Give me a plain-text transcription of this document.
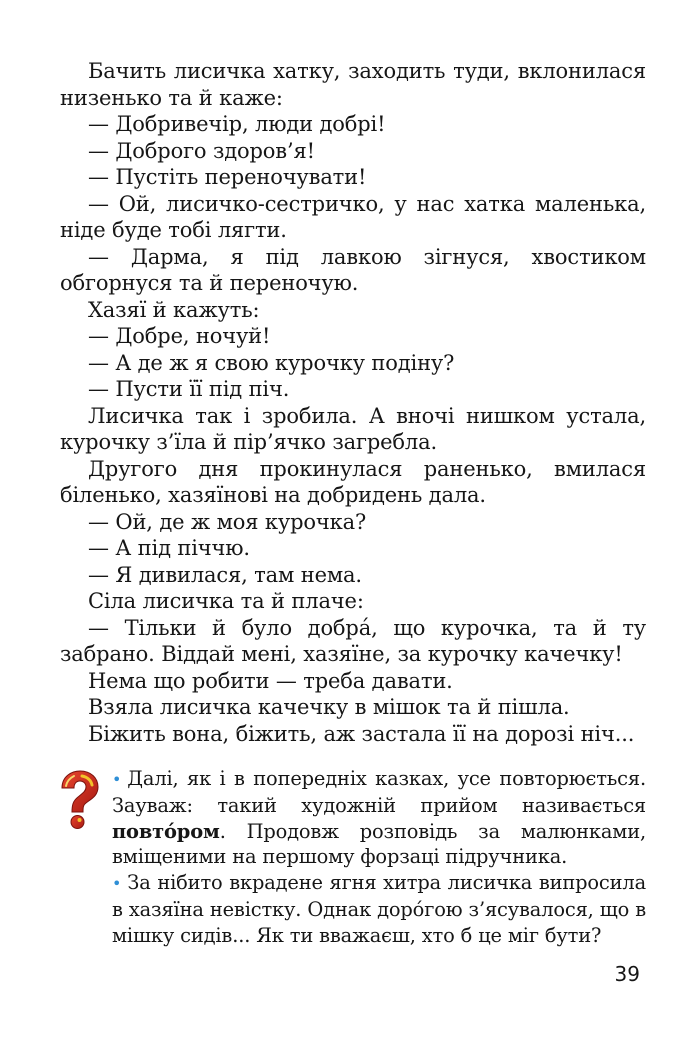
Бачить лисичка хатку, заходить туди, вклонилася низенько та й каже:

— Добривечір, люди добрі!

— Доброго здоров’я!

— Пустіть переночувати!

— Ой, лисичко-сестричко, у нас хатка маленька, ніде буде тобі лягти.

— Дарма, я під лавкою зігнуся, хвостиком обгорнуся та й переночую.

Хазяї й кажуть:

— Добре, ночуй!

— А де ж я свою курочку подіну?

— Пусти її під піч.

Лисичка так і зробила. А вночі нишком устала, курочку з’їла й пір’ячко загребла.

Другого дня прокинулася раненько, вмилася біленько, хазяїнові на добридень дала.

— Ой, де ж моя курочка?

— А під піччю.

— Я дивилася, там нема.

Сіла лисичка та й плаче:

— Тільки й було добра́, що курочка, та й ту забрано. Віддай мені, хазяїне, за курочку качечку!

Нема що робити — треба давати.

Взяла лисичка качечку в мішок та й пішла.

Біжить вона, біжить, аж застала її на дорозі ніч...

• Далі, як і в попередніх казках, усе повторюється. Зауваж: такий художній прийом називається повто́ром. Продовж розповідь за малюнками, вміщеними на першому форзаці підручника.

• За нібито вкрадене ягня хитра лисичка випросила в хазяїна невістку. Однак доро́гою з’ясувалося, що в мішку сидів... Як ти вважаєш, хто б це міг бути?

39
